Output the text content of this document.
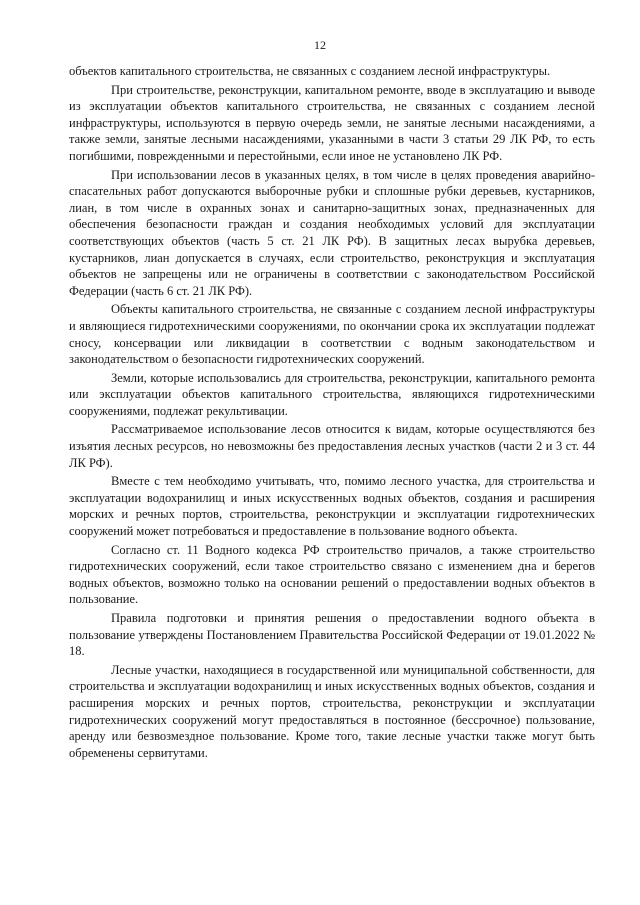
12

объектов капитального строительства, не связанных с созданием лесной инфраструктуры.

При строительстве, реконструкции, капитальном ремонте, вводе в эксплуатацию и выводе из эксплуатации объектов капитального строительства, не связанных с созданием лесной инфраструктуры, используются в первую очередь земли, не занятые лесными насаждениями, а также земли, занятые лесными насаждениями, указанными в части 3 статьи 29 ЛК РФ, то есть погибшими, поврежденными и перестойными, если иное не установлено ЛК РФ.

При использовании лесов в указанных целях, в том числе в целях проведения аварийно-спасательных работ допускаются выборочные рубки и сплошные рубки деревьев, кустарников, лиан, в том числе в охранных зонах и санитарно-защитных зонах, предназначенных для обеспечения безопасности граждан и создания необходимых условий для эксплуатации соответствующих объектов (часть 5 ст. 21 ЛК РФ). В защитных лесах вырубка деревьев, кустарников, лиан допускается в случаях, если строительство, реконструкция и эксплуатация объектов не запрещены или не ограничены в соответствии с законодательством Российской Федерации (часть 6 ст. 21 ЛК РФ).

Объекты капитального строительства, не связанные с созданием лесной инфраструктуры и являющиеся гидротехническими сооружениями, по окончании срока их эксплуатации подлежат сносу, консервации или ликвидации в соответствии с водным законодательством и законодательством о безопасности гидротехнических сооружений.

Земли, которые использовались для строительства, реконструкции, капитального ремонта или эксплуатации объектов капитального строительства, являющихся гидротехническими сооружениями, подлежат рекультивации.

Рассматриваемое использование лесов относится к видам, которые осуществляются без изъятия лесных ресурсов, но невозможны без предоставления лесных участков (части 2 и 3 ст. 44 ЛК РФ).

Вместе с тем необходимо учитывать, что, помимо лесного участка, для строительства и эксплуатации водохранилищ и иных искусственных водных объектов, создания и расширения морских и речных портов, строительства, реконструкции и эксплуатации гидротехнических сооружений может потребоваться и предоставление в пользование водного объекта.

Согласно ст. 11 Водного кодекса РФ строительство причалов, а также строительство гидротехнических сооружений, если такое строительство связано с изменением дна и берегов водных объектов, возможно только на основании решений о предоставлении водных объектов в пользование.

Правила подготовки и принятия решения о предоставлении водного объекта в пользование утверждены Постановлением Правительства Российской Федерации от 19.01.2022 № 18.

Лесные участки, находящиеся в государственной или муниципальной собственности, для строительства и эксплуатации водохранилищ и иных искусственных водных объектов, создания и расширения морских и речных портов, строительства, реконструкции и эксплуатации гидротехнических сооружений могут предоставляться в постоянное (бессрочное) пользование, аренду или безвозмездное пользование. Кроме того, такие лесные участки также могут быть обременены сервитутами.
